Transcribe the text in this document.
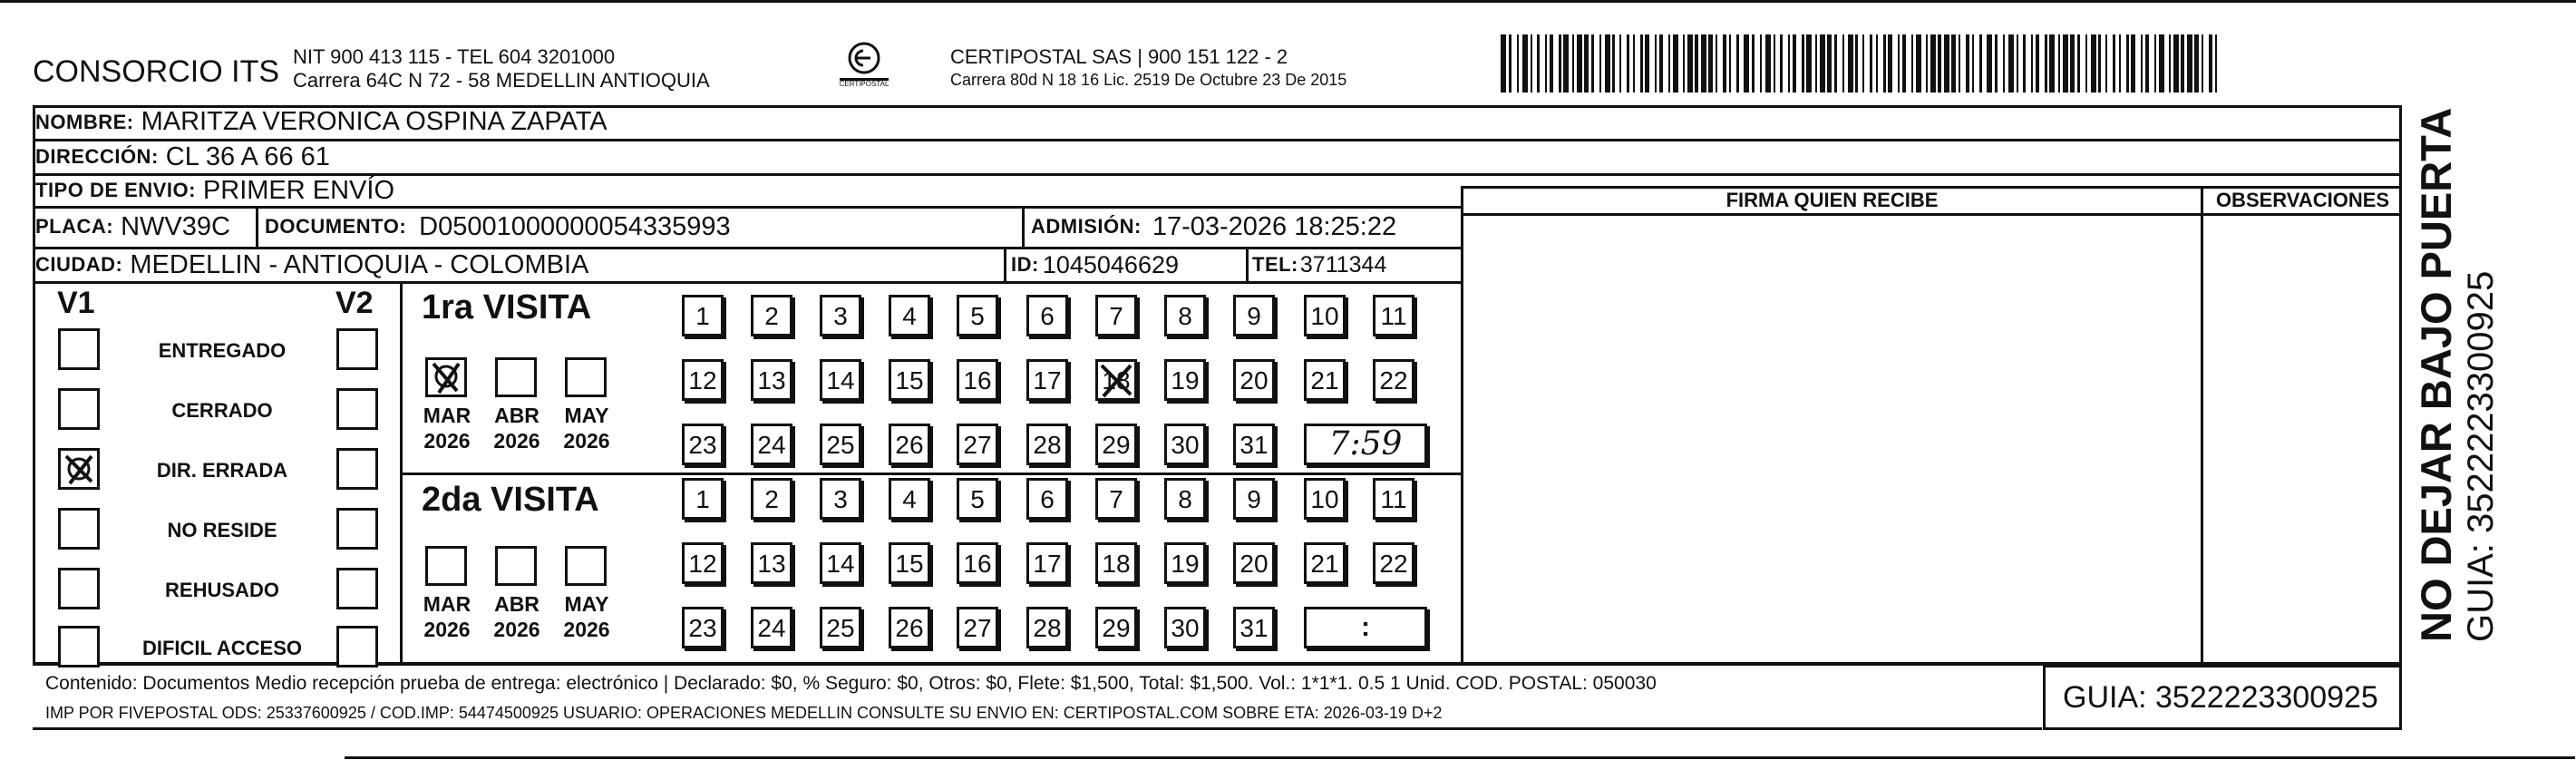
CONSORCIO ITS NIT 900 413 115 - TEL 604 3201000
Carrera 64C N 72 - 58 MEDELLIN ANTIOQUIA	CERTIPOSTAL
CERTIPOSTAL SAS | 900 151 122 - 2
Carrera 80d N 18 16 Lic. 2519 De Octubre 23 De 2015
FIRMA QUIEN RECIBE	OBSERVACIONES
NOMBRE: MARITZA VERONICA OSPINA ZAPATA
DIRECCIÓN: CL 36 A 66 61
TIPO DE ENVIO: PRIMER ENVÍO
PLACA: NWV39C DOCUMENTO: D05001000000054335993	ADMISIÓN: 17-03-2026 18:25:22
CIUDAD: MEDELLIN - ANTIOQUIA - COLOMBIA	ID: 1045046629	TEL: 3711344
V1	V2
ENTREGADO
CERRADO
DIR. ERRADA
NO RESIDE
REHUSADO
DIFICIL ACCESO
1ra VISITA
2da VISITA
MAR
2026
ABR
2026
MAY
2026
MAR
2026
ABR
2026
MAY
2026
1	2	3	4	5	6	7	8	9	10	11
12 13 14 15 16 17 18 19 20 21 22
23 24 25 26 27 28 29 30 31
1	2	3	4	5	6	7	8	9	10	11
12 13 14 15 16 17 18 19 20 21 22
23 24 25 26 27 28 29 30 31
7:59
:
Contenido: Documentos Medio recepción prueba de entrega: electrónico | Declarado: $0, % Seguro: $0, Otros: $0, Flete: $1,500, Total: $1,500. Vol.: 1*1*1. 0.5 1 Unid. COD. POSTAL: 050030
IMP POR FIVEPOSTAL ODS: 25337600925 / COD.IMP: 54474500925 USUARIO: OPERACIONES MEDELLIN CONSULTE SU ENVIO EN: CERTIPOSTAL.COM SOBRE ETA: 2026-03-19 D+2	GUIA: 3522223300925
NO DEJAR BAJO PUERTA GUIA: 3522223300925
